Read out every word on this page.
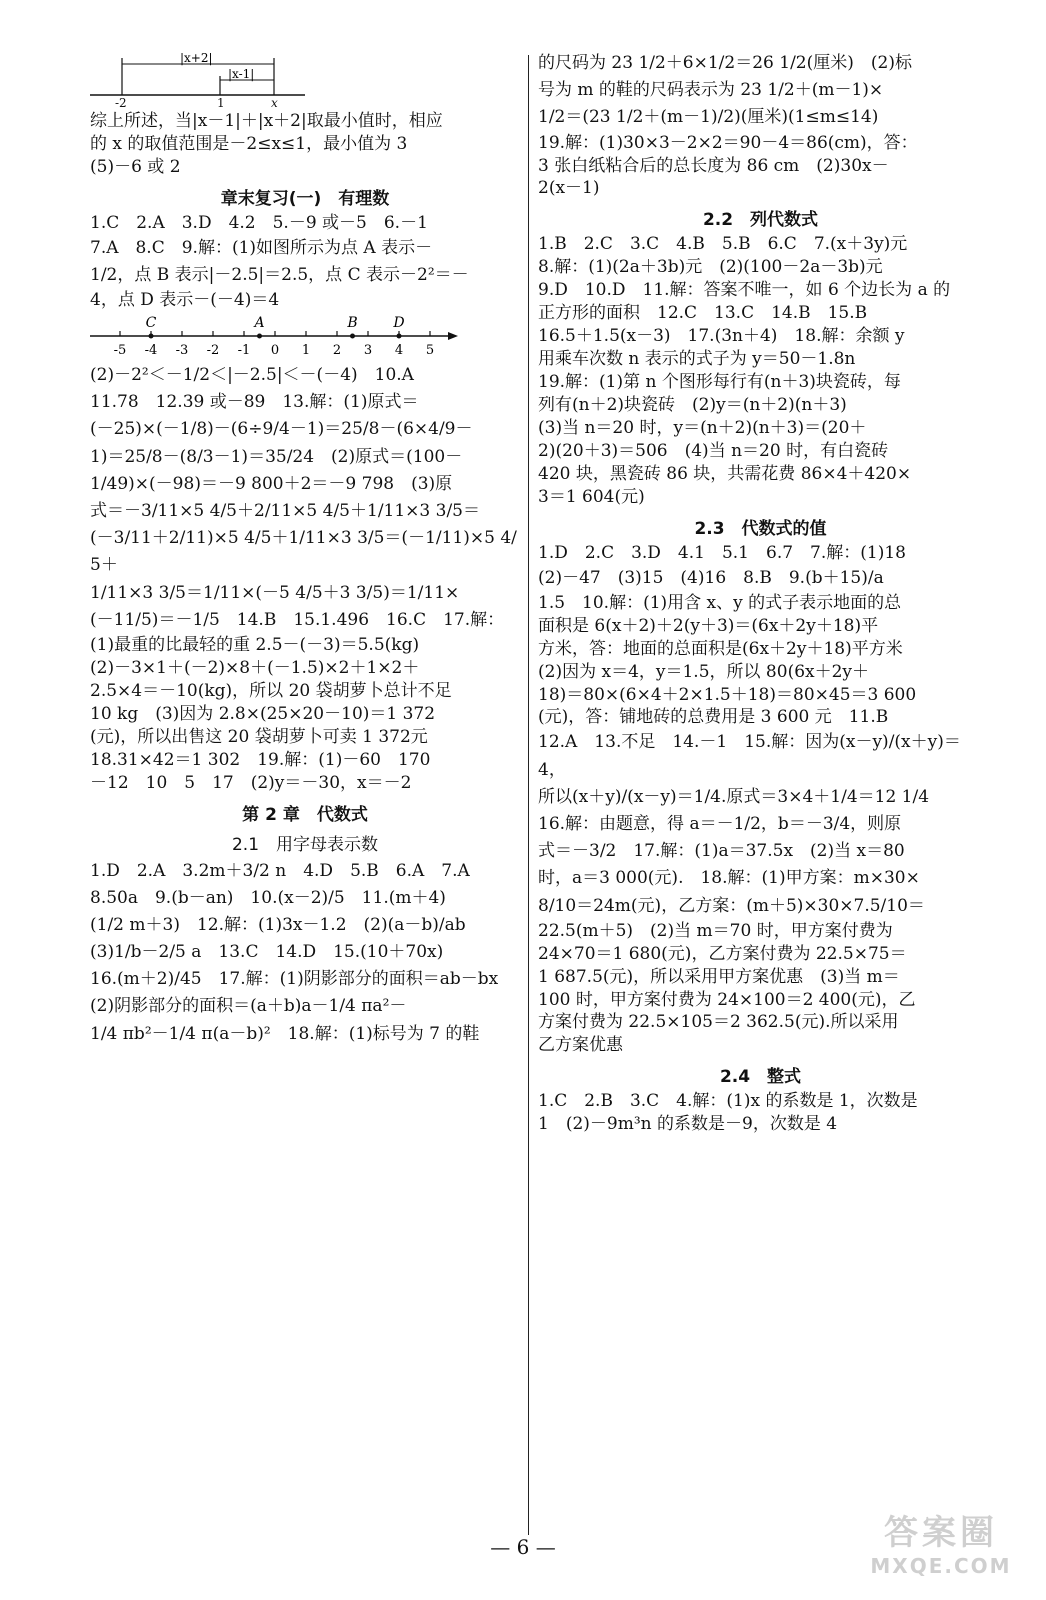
|x+2|
|x-1|
-2	1	x

综上所述，当|x－1|＋|x＋2|取最小值时，相应

的 x 的取值范围是－2≤x≤1，最小值为 3

(5)－6 或 2

章末复习(一)　有理数

1.C　2.A　3.D　4.2　5.－9 或－5　6.－1

7.A　8.C　9.解：(1)如图所示为点 A 表示－

1/2，点 B 表示|－2.5|＝2.5，点 C 表示－2²＝－

4，点 D 表示－(－4)＝4

-5 -4 -3 -2 -1 0 1 2 3 4 5
C	A	B	D

(2)－2²＜－1/2＜|－2.5|＜－(－4)　10.A

11.78　12.39 或－89　13.解：(1)原式＝

(－25)×(－1/8)－(6÷9/4－1)＝25/8－(6×4/9－

1)＝25/8－(8/3－1)＝35/24　(2)原式＝(100－

1/49)×(－98)＝－9 800＋2＝－9 798　(3)原

式＝－3/11×5 4/5＋2/11×5 4/5＋1/11×3 3/5＝

(－3/11＋2/11)×5 4/5＋1/11×3 3/5＝(－1/11)×5 4/5＋

1/11×3 3/5＝1/11×(－5 4/5＋3 3/5)＝1/11×

(－11/5)＝－1/5　14.B　15.1.496　16.C　17.解：

(1)最重的比最轻的重 2.5－(－3)＝5.5(kg)

(2)－3×1＋(－2)×8＋(－1.5)×2＋1×2＋

2.5×4＝－10(kg)，所以 20 袋胡萝卜总计不足

10 kg　(3)因为 2.8×(25×20－10)＝1 372

(元)，所以出售这 20 袋胡萝卜可卖 1 372元

18.31×42＝1 302　19.解：(1)－60　170

－12　10　5　17　(2)y＝－30，x＝－2

第 2 章　代数式
2.1　用字母表示数

1.D　2.A　3.2m＋3/2 n　4.D　5.B　6.A　7.A

8.50a　9.(b－an)　10.(x－2)/5　11.(m＋4)

(1/2 m＋3)　12.解：(1)3x－1.2　(2)(a－b)/ab

(3)1/b－2/5 a　13.C　14.D　15.(10＋70x)

16.(m＋2)/45　17.解：(1)阴影部分的面积＝ab－bx

(2)阴影部分的面积＝(a＋b)a－1/4 πa²－

1/4 πb²－1/4 π(a－b)²　18.解：(1)标号为 7 的鞋

的尺码为 23 1/2＋6×1/2＝26 1/2(厘米)　(2)标

号为 m 的鞋的尺码表示为 23 1/2＋(m－1)×

1/2＝(23 1/2＋(m－1)/2)(厘米)(1≤m≤14)

19.解：(1)30×3－2×2＝90－4＝86(cm)，答：

3 张白纸粘合后的总长度为 86 cm　(2)30x－

2(x－1)

2.2　列代数式

1.B　2.C　3.C　4.B　5.B　6.C　7.(x＋3y)元

8.解：(1)(2a＋3b)元　(2)(100－2a－3b)元

9.D　10.D　11.解：答案不唯一，如 6 个边长为 a 的

正方形的面积　12.C　13.C　14.B　15.B

16.5＋1.5(x－3)　17.(3n＋4)　18.解：余额 y

用乘车次数 n 表示的式子为 y＝50－1.8n

19.解：(1)第 n 个图形每行有(n＋3)块瓷砖，每

列有(n＋2)块瓷砖　(2)y＝(n＋2)(n＋3)

(3)当 n＝20 时，y＝(n＋2)(n＋3)＝(20＋

2)(20＋3)＝506　(4)当 n＝20 时，有白瓷砖

420 块，黑瓷砖 86 块，共需花费 86×4＋420×

3＝1 604(元)

2.3　代数式的值

1.D　2.C　3.D　4.1　5.1　6.7　7.解：(1)18

(2)－47　(3)15　(4)16　8.B　9.(b＋15)/a

1.5　10.解：(1)用含 x、y 的式子表示地面的总

面积是 6(x＋2)＋2(y＋3)＝(6x＋2y＋18)平

方米，答：地面的总面积是(6x＋2y＋18)平方米

(2)因为 x＝4，y＝1.5，所以 80(6x＋2y＋

18)＝80×(6×4＋2×1.5＋18)＝80×45＝3 600

(元)，答：铺地砖的总费用是 3 600 元　11.B

12.A　13.不足　14.－1　15.解：因为(x－y)/(x＋y)＝4，

所以(x＋y)/(x－y)＝1/4.原式＝3×4＋1/4＝12 1/4

16.解：由题意，得 a＝－1/2，b＝－3/4，则原

式＝－3/2　17.解：(1)a＝37.5x　(2)当 x＝80

时，a＝3 000(元).　18.解：(1)甲方案：m×30×

8/10＝24m(元)，乙方案：(m＋5)×30×7.5/10＝

22.5(m＋5)　(2)当 m＝70 时，甲方案付费为

24×70＝1 680(元)，乙方案付费为 22.5×75＝

1 687.5(元)，所以采用甲方案优惠　(3)当 m＝

100 时，甲方案付费为 24×100＝2 400(元)，乙

方案付费为 22.5×105＝2 362.5(元).所以采用

乙方案优惠

2.4　整式

1.C　2.B　3.C　4.解：(1)x 的系数是 1，次数是

1　(2)－9m³n 的系数是－9，次数是 4

— 6 —	答案圈
MXQE.COM
